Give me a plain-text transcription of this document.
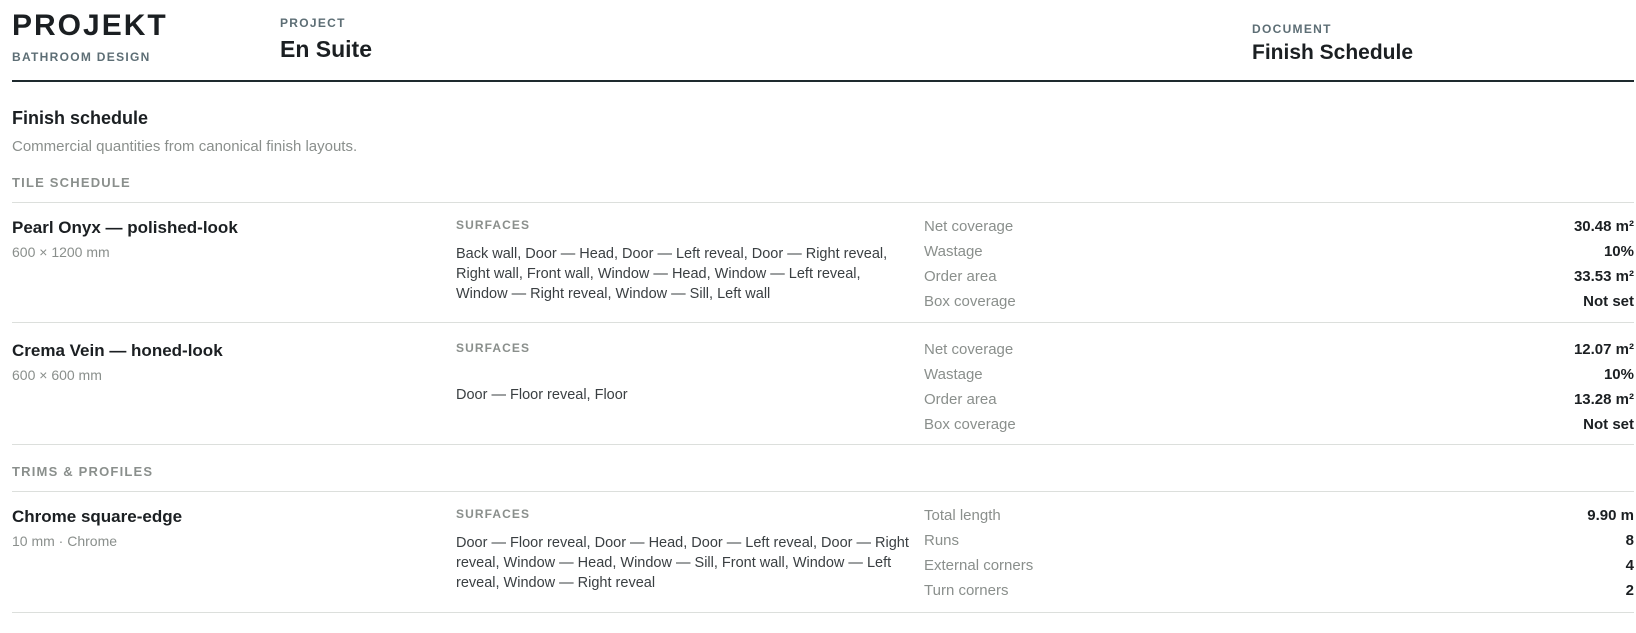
PROJEKT
BATHROOM DESIGN
PROJECT
En Suite
DOCUMENT
Finish Schedule
Finish schedule
Commercial quantities from canonical finish layouts.
TILE SCHEDULE
Pearl Onyx — polished-look
600 × 1200 mm
SURFACES
Back wall, Door — Head, Door — Left reveal, Door — Right reveal, Right wall, Front wall, Window — Head, Window — Left reveal, Window — Right reveal, Window — Sill, Left wall
Net coverage	30.48 m²
Wastage	10%
Order area	33.53 m²
Box coverage	Not set
Crema Vein — honed-look
600 × 600 mm
SURFACES
Door — Floor reveal, Floor
Net coverage	12.07 m²
Wastage	10%
Order area	13.28 m²
Box coverage	Not set
TRIMS & PROFILES
Chrome square-edge
10 mm · Chrome
SURFACES
Door — Floor reveal, Door — Head, Door — Left reveal, Door — Right reveal, Window — Head, Window — Sill, Front wall, Window — Left reveal, Window — Right reveal
Total length	9.90 m
Runs	8
External corners	4
Turn corners	2
